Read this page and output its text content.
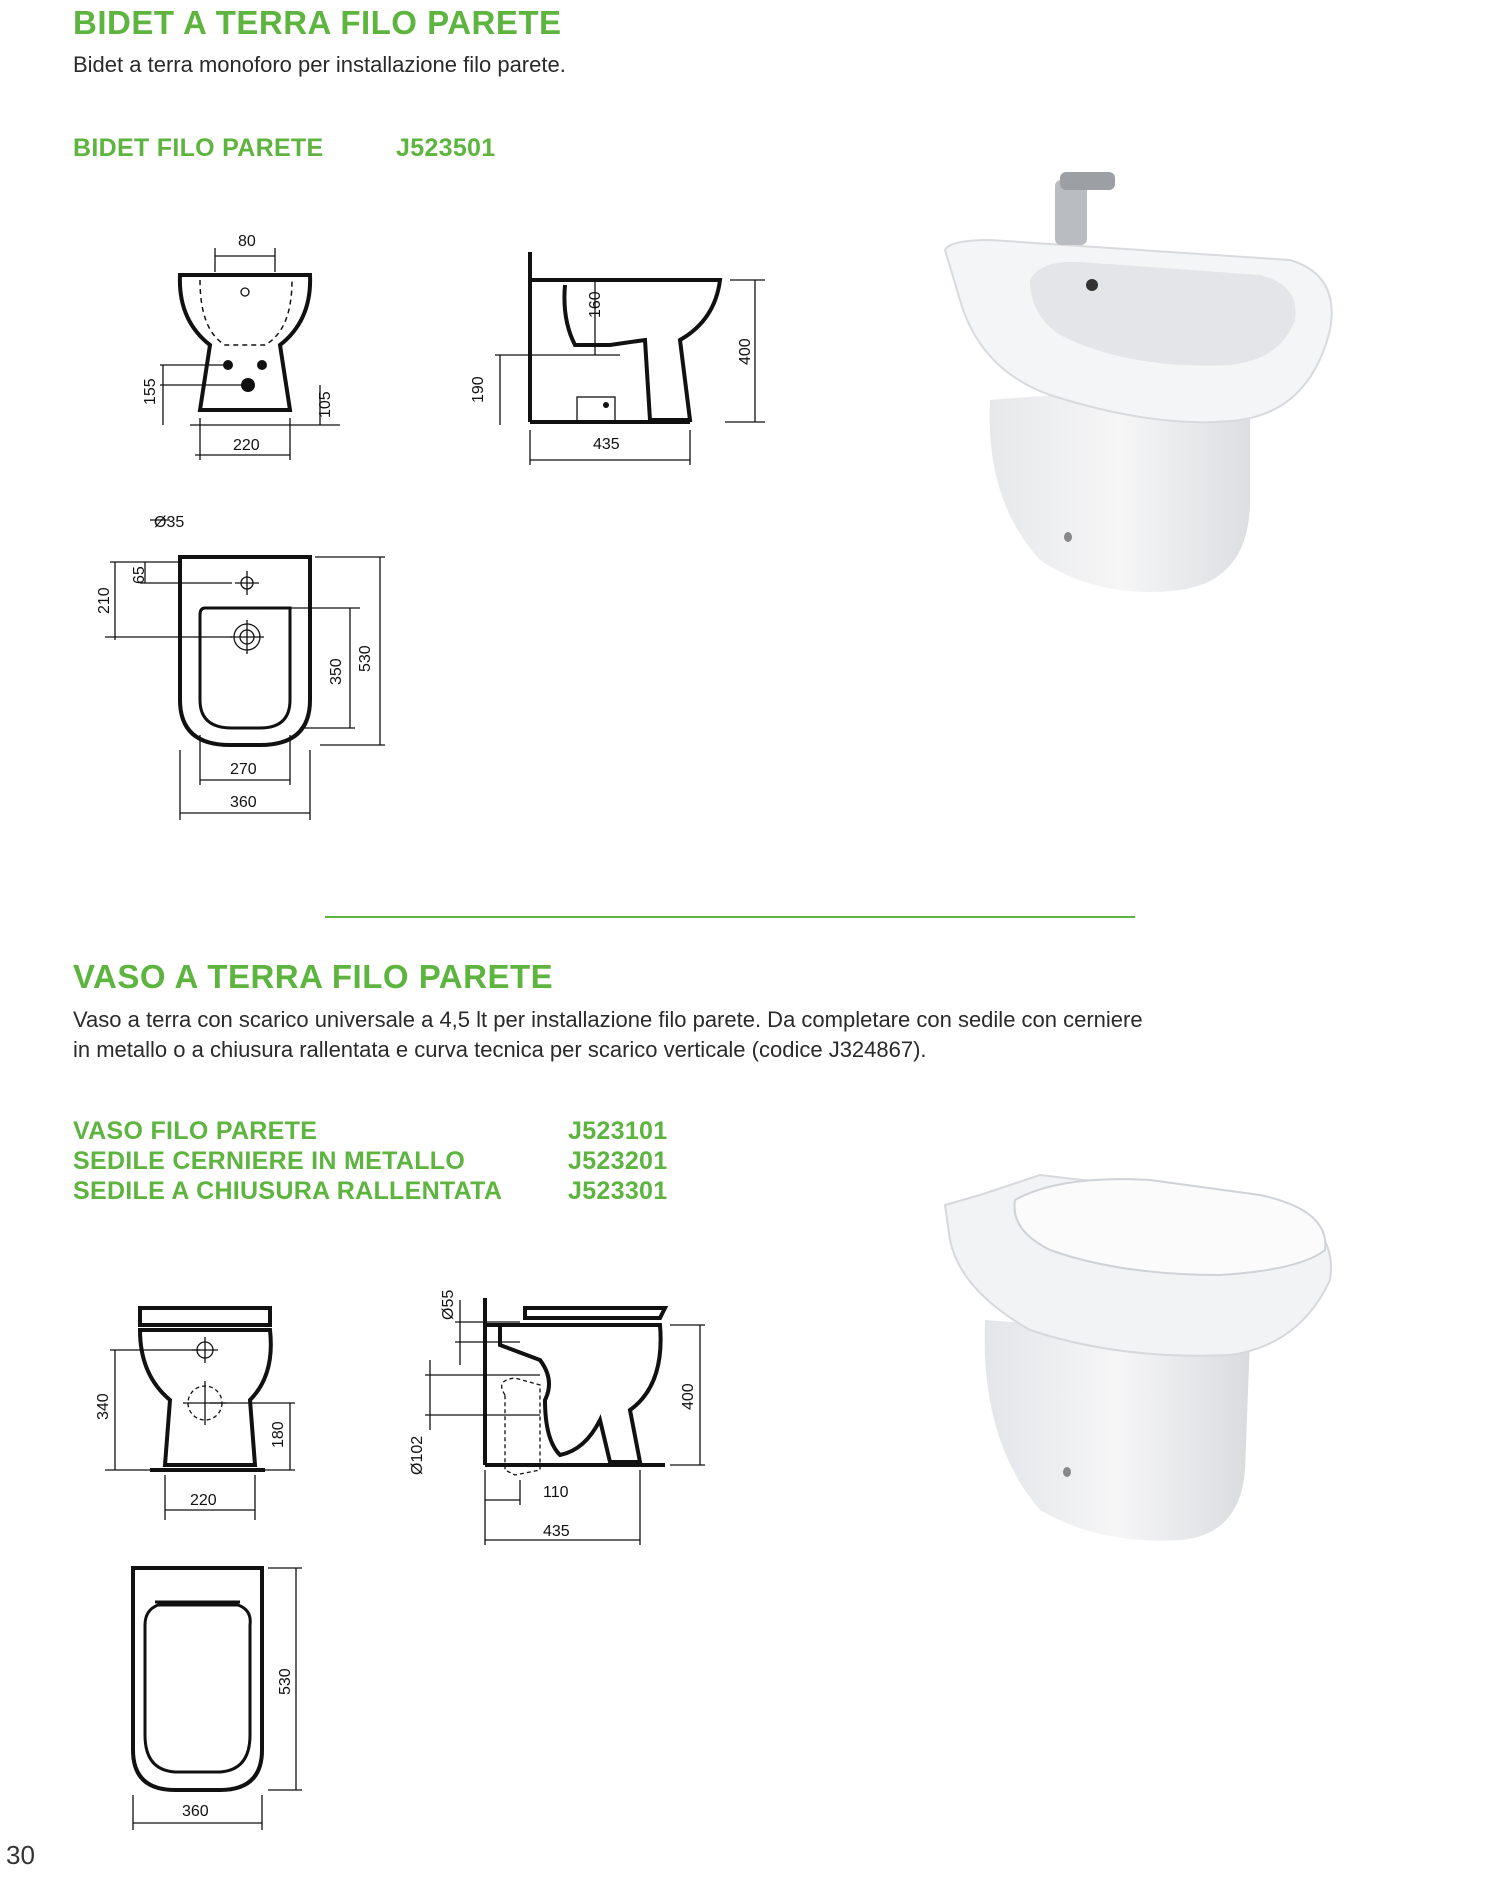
BIDET A TERRA FILO PARETE

Bidet a terra monoforo per installazione filo parete.

BIDET FILO PARETE	J523501
80
155	105
220
160
190
400
435
Ø35
65
210
350 530
270
360
VASO A TERRA FILO PARETE

Vaso a terra con scarico universale a 4,5 lt per installazione filo parete. Da completare con sedile con cerniere

in metallo o a chiusura rallentata e curva tecnica per scarico verticale (codice J324867).

VASO FILO PARETE	J523101
SEDILE CERNIERE IN METALLO	J523201
SEDILE A CHIUSURA RALLENTATA	J523301
340
180
220
Ø55
Ø102
400
110
435
530
360
30
